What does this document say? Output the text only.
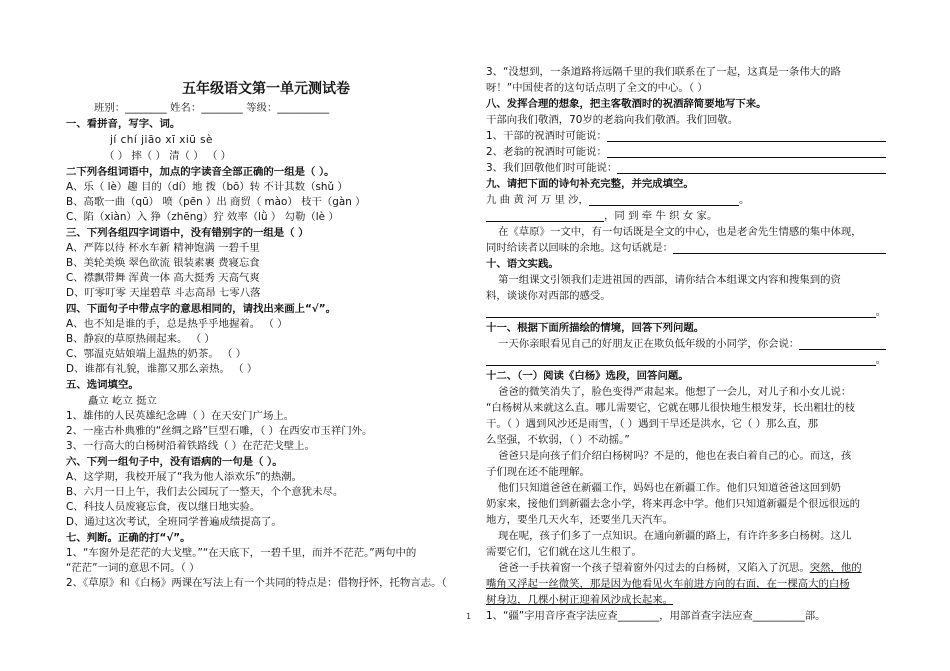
五年级语文第一单元测试卷
班别：________ 姓名：________ 等级：__________
一、看拼音，写字、词。
jí chí jiāo xī xiū sè
（ ） 摔（ ） 清（ ） （ ）
二下列各组词语中，加点的字读音全部正确的一组是（ ）。
A、乐（ lè）趣 目的（dí）地 拨（bō）转 不计其数（shǔ ）
B、高歌一曲（qū） 喷（pēn ）出 商贸（ mào） 枝干（gàn ）
C、陷（xiàn）入 狰（zhēng）狞 效率（lǜ ） 勾勒（lè ）
三、下列各组四字词语中，没有错别字的一组是（ ）
A、严阵以待 杯水车新 精神饱满 一碧千里
B、美轮美焕 翠色欲流 银装素裹 费寝忘食
C、襟飘带舞 浑黄一体 高大挺秀 天高气爽
D、叮零叮零 天崖碧草 斗志高昂 七零八落
四、下面句子中带点字的意思相同的，请找出来画上“√”。
A、也不知是谁的手，总是热乎乎地握着。 （ ）
B、静寂的草原热闹起来。 （ ）
C、鄂温克姑娘端上温热的奶茶。 （ ）
D、谁都有礼貌，谁都又那么亲热。 （ ）
五、选词填空。
矗立 屹立 挺立
1、雄伟的人民英雄纪念碑（ ）在天安门广场上。
2、一座古朴典雅的“丝绸之路”巨型石雕，（ ）在西安市玉祥门外。
3、一行高大的白杨树沿着铁路线（ ）在茫茫戈壁上。
六、下列一组句子中，没有语病的一句是（ ）。
A、这学期，我校开展了“我为他人添欢乐”的热潮。
B、六月一日上午，我们去公园玩了一整天，个个意犹未尽。
C、科技人员废寝忘食，夜以继日地实验。
D、通过这次考试，全班同学普遍成绩提高了。
七、判断。正确的打“√”。
1、“车窗外是茫茫的大戈壁。”“在天底下，一碧千里，而并不茫茫。”两句中的
“茫茫”一词的意思不同。（ ）
2、《草原》和《白杨》两课在写法上有一个共同的特点是：借物抒怀，托物言志。（
3、“没想到，一条道路将远隔千里的我们联系在了一起，这真是一条伟大的路
呀！”中国使者的这句话点明了全文的中心。（ ）
八、发挥合理的想象，把主客敬酒时的祝酒辞简要地写下来。
干部向我们敬酒，70岁的老翁向我们敬酒。我们回敬。
1、干部的祝酒时可能说：
2、老翁的祝酒时可能说：
3、我们回敬他们时可能说：
九、请把下面的诗句补充完整，并完成填空。
九 曲 黄 河 万 里 沙，	。
，同 到 牵 牛 织 女 家。
在《草原》一文中，有一句话既是全文的中心，也是老舍先生情感的集中体现，
同时给读者以回味的余地。这句话就是：
十、语文实践。
第一组课文引领我们走进祖国的西部，请你结合本组课文内容和搜集到的资
料，谈谈你对西部的感受。
。
十一、根据下面所描绘的情境，回答下列问题。
一天你亲眼看见自己的好朋友正在欺负低年级的小同学，你会说：
。
十二、（一）阅读《白杨》选段，回答问题。
爸爸的微笑消失了，脸色变得严肃起来。他想了一会儿，对儿子和小女儿说：
“白杨树从来就这么直。哪儿需要它，它就在哪儿很快地生根发芽，长出粗壮的枝
干。（ ）遇到风沙还是雨雪，（ ）遇到干旱还是洪水，它（ ）那么直，那
么坚强，不软弱，（ ）不动摇。”
爸爸只是向孩子们介绍白杨树吗？不是的，他也在表白着自己的心。而这，孩
子们现在还不能理解。
他们只知道爸爸在新疆工作，妈妈也在新疆工作。他们只知道爸爸这回到奶
奶家来，接他们到新疆去念小学，将来再念中学。他们只知道新疆是个很远很远的
地方，要坐几天火车，还要坐几天汽车。
现在呢，孩子们多了一点知识。在通向新疆的路上，有许许多多白杨树。这儿
需要它们，它们就在这儿生根了。
爸爸一手扶着窗一个孩子望着窗外闪过去的白杨树，又陷入了沉思。突然，他的
嘴角又浮起一丝微笑，那是因为他看见火车前进方向的右面，在一棵高大的白杨
树身边，几棵小树正迎着风沙成长起来。
1、“疆”字用音序查字法应查________，用部首查字法应查__________部。
1
